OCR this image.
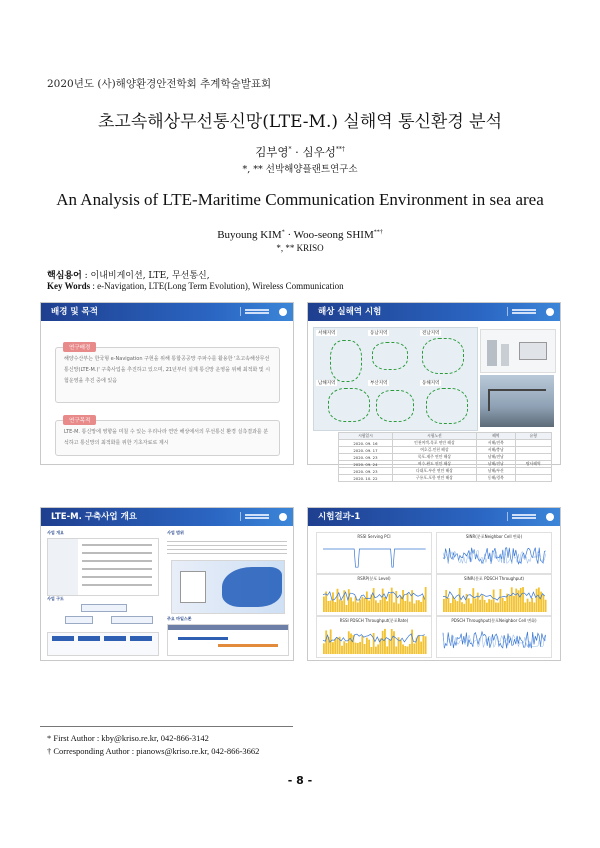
2020년도 (사)해양환경안전학회 추계학술발표회
초고속해상무선통신망(LTE-M.) 실해역 통신환경 분석
김부영* · 심우성**†
*, ** 선박해양플랜트연구소
An Analysis of LTE-Maritime Communication Environment in sea area
Buyoung KIM* · Woo-seong SHIM**†
*, ** KRISO
핵심용어 : 이내비게이션, LTE, 무선통신,
Key Words : e-Navigation, LTE(Long Term Evolution), Wireless Communication
배경 및 목적
해양수산부는 한국형 e-Navigation 구현을 위해 통합공공망 주파수를 활용한 '초고속해상무선통신망(LTE-M.)' 구축사업을 추진하고 있으며, 21년부터 실제 통신망 운영을 위해 최적화 및 시험운영을 추진 중에 있음
연구배경
LTE-M. 통신망에 영향을 미칠 수 있는 우리나라 연안 해상에서의 무선통신 환경 실측결과를 분석하고 통신망의 최적화를 위한 기초자료로 제시
연구목적
해상 실해역 시험
서해지역	동남지역	전남지역
남해지역	부산지역	동해지역
시험일시	시험노선	해역	유형
2020. 09. 16	인천여객-목포 연안 해상	서해/전북	
2020. 09. 17	여호길-인천 해상	서해/충남	
2020. 09. 23	목포-제주 연안 해상	남해/전남	
2020. 09. 24	여수-완도 연안 해상	남해/전남	탐사해역
2020. 09. 23	다대포-부산 연안 해상	남해/부산	
2020. 10. 22	구룡포-포항 연안 해상	동해/경북	
LTE-M. 구축사업 개요
사업 개요
사업 구도
사업 범위
주요 마일스톤
시험결과-1
RSSI Serving PCI	SINR(분포Neighbor Cell 변화)
RSRP(분포 Level)	SINR(분포 PDSCH Throughput)
RSSI PDSCH Throughput(분포Rate)	PDSCH Throughput(분포Neighbor Cell 변화)
* First Author : kby@kriso.re.kr, 042-866-3142
† Corresponding Author : pianows@kriso.re.kr, 042-866-3662
- 8 -
